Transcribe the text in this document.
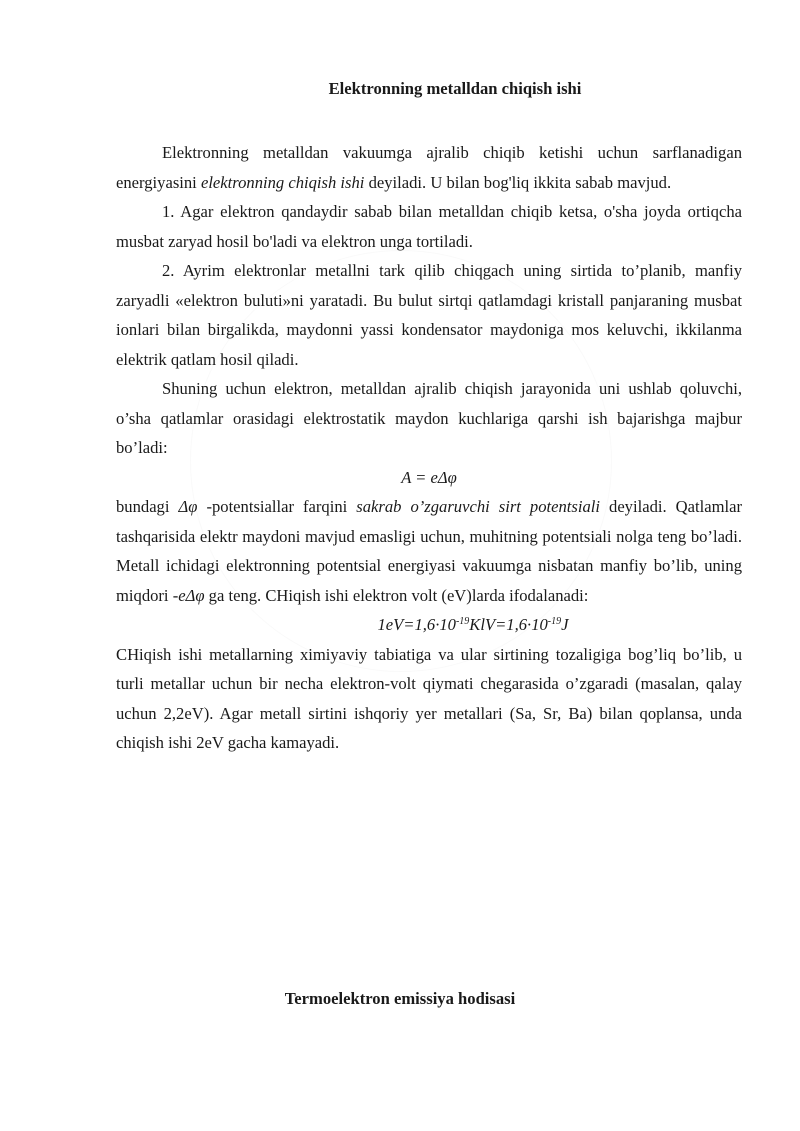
Elektronning metalldan chiqish ishi

Elektronning metalldan vakuumga ajralib chiqib ketishi uchun sarflanadigan energiyasini elektronning chiqish ishi deyiladi. U bilan bog'liq ikkita sabab mavjud.

1. Agar elektron qandaydir sabab bilan metalldan chiqib ketsa, o'sha joyda ortiqcha musbat zaryad hosil bo'ladi va elektron unga tortiladi.

2. Ayrim elektronlar metallni tark qilib chiqgach uning sirtida to’planib, manfiy zaryadli «elektron buluti»ni yaratadi. Bu bulut sirtqi qatlamdagi kristall panjaraning musbat ionlari bilan birgalikda, maydonni yassi kondensator maydoniga mos keluvchi, ikkilanma elektrik qatlam hosil qiladi.

Shuning uchun elektron, metalldan ajralib chiqish jarayonida uni ushlab qoluvchi, o’sha qatlamlar orasidagi elektrostatik maydon kuchlariga qarshi ish bajarishga majbur bo’ladi:

A = eΔφ

bundagi Δφ -potentsiallar farqini sakrab o’zgaruvchi sirt potentsiali deyiladi. Qatlamlar tashqarisida elektr maydoni mavjud emasligi uchun, muhitning potentsiali nolga teng bo’ladi. Metall ichidagi elektronning potentsial energiyasi vakuumga nisbatan manfiy bo’lib, uning miqdori -eΔφ ga teng. CHiqish ishi elektron volt (eV)larda ifodalanadi:

$1eV=1,6\cdot 10^{-19}KlV=1,6\cdot 10^{-19}J$

CHiqish ishi metallarning ximiyaviy tabiatiga va ular sirtining tozaligiga bog’liq bo’lib, u turli metallar uchun bir necha elektron-volt qiymati chegarasida o’zgaradi (masalan, qalay uchun 2,2eV). Agar metall sirtini ishqoriy yer metallari (Sa, Sr, Ba) bilan qoplansa, unda chiqish ishi 2eV gacha kamayadi.

Termoelektron emissiya hodisasi
